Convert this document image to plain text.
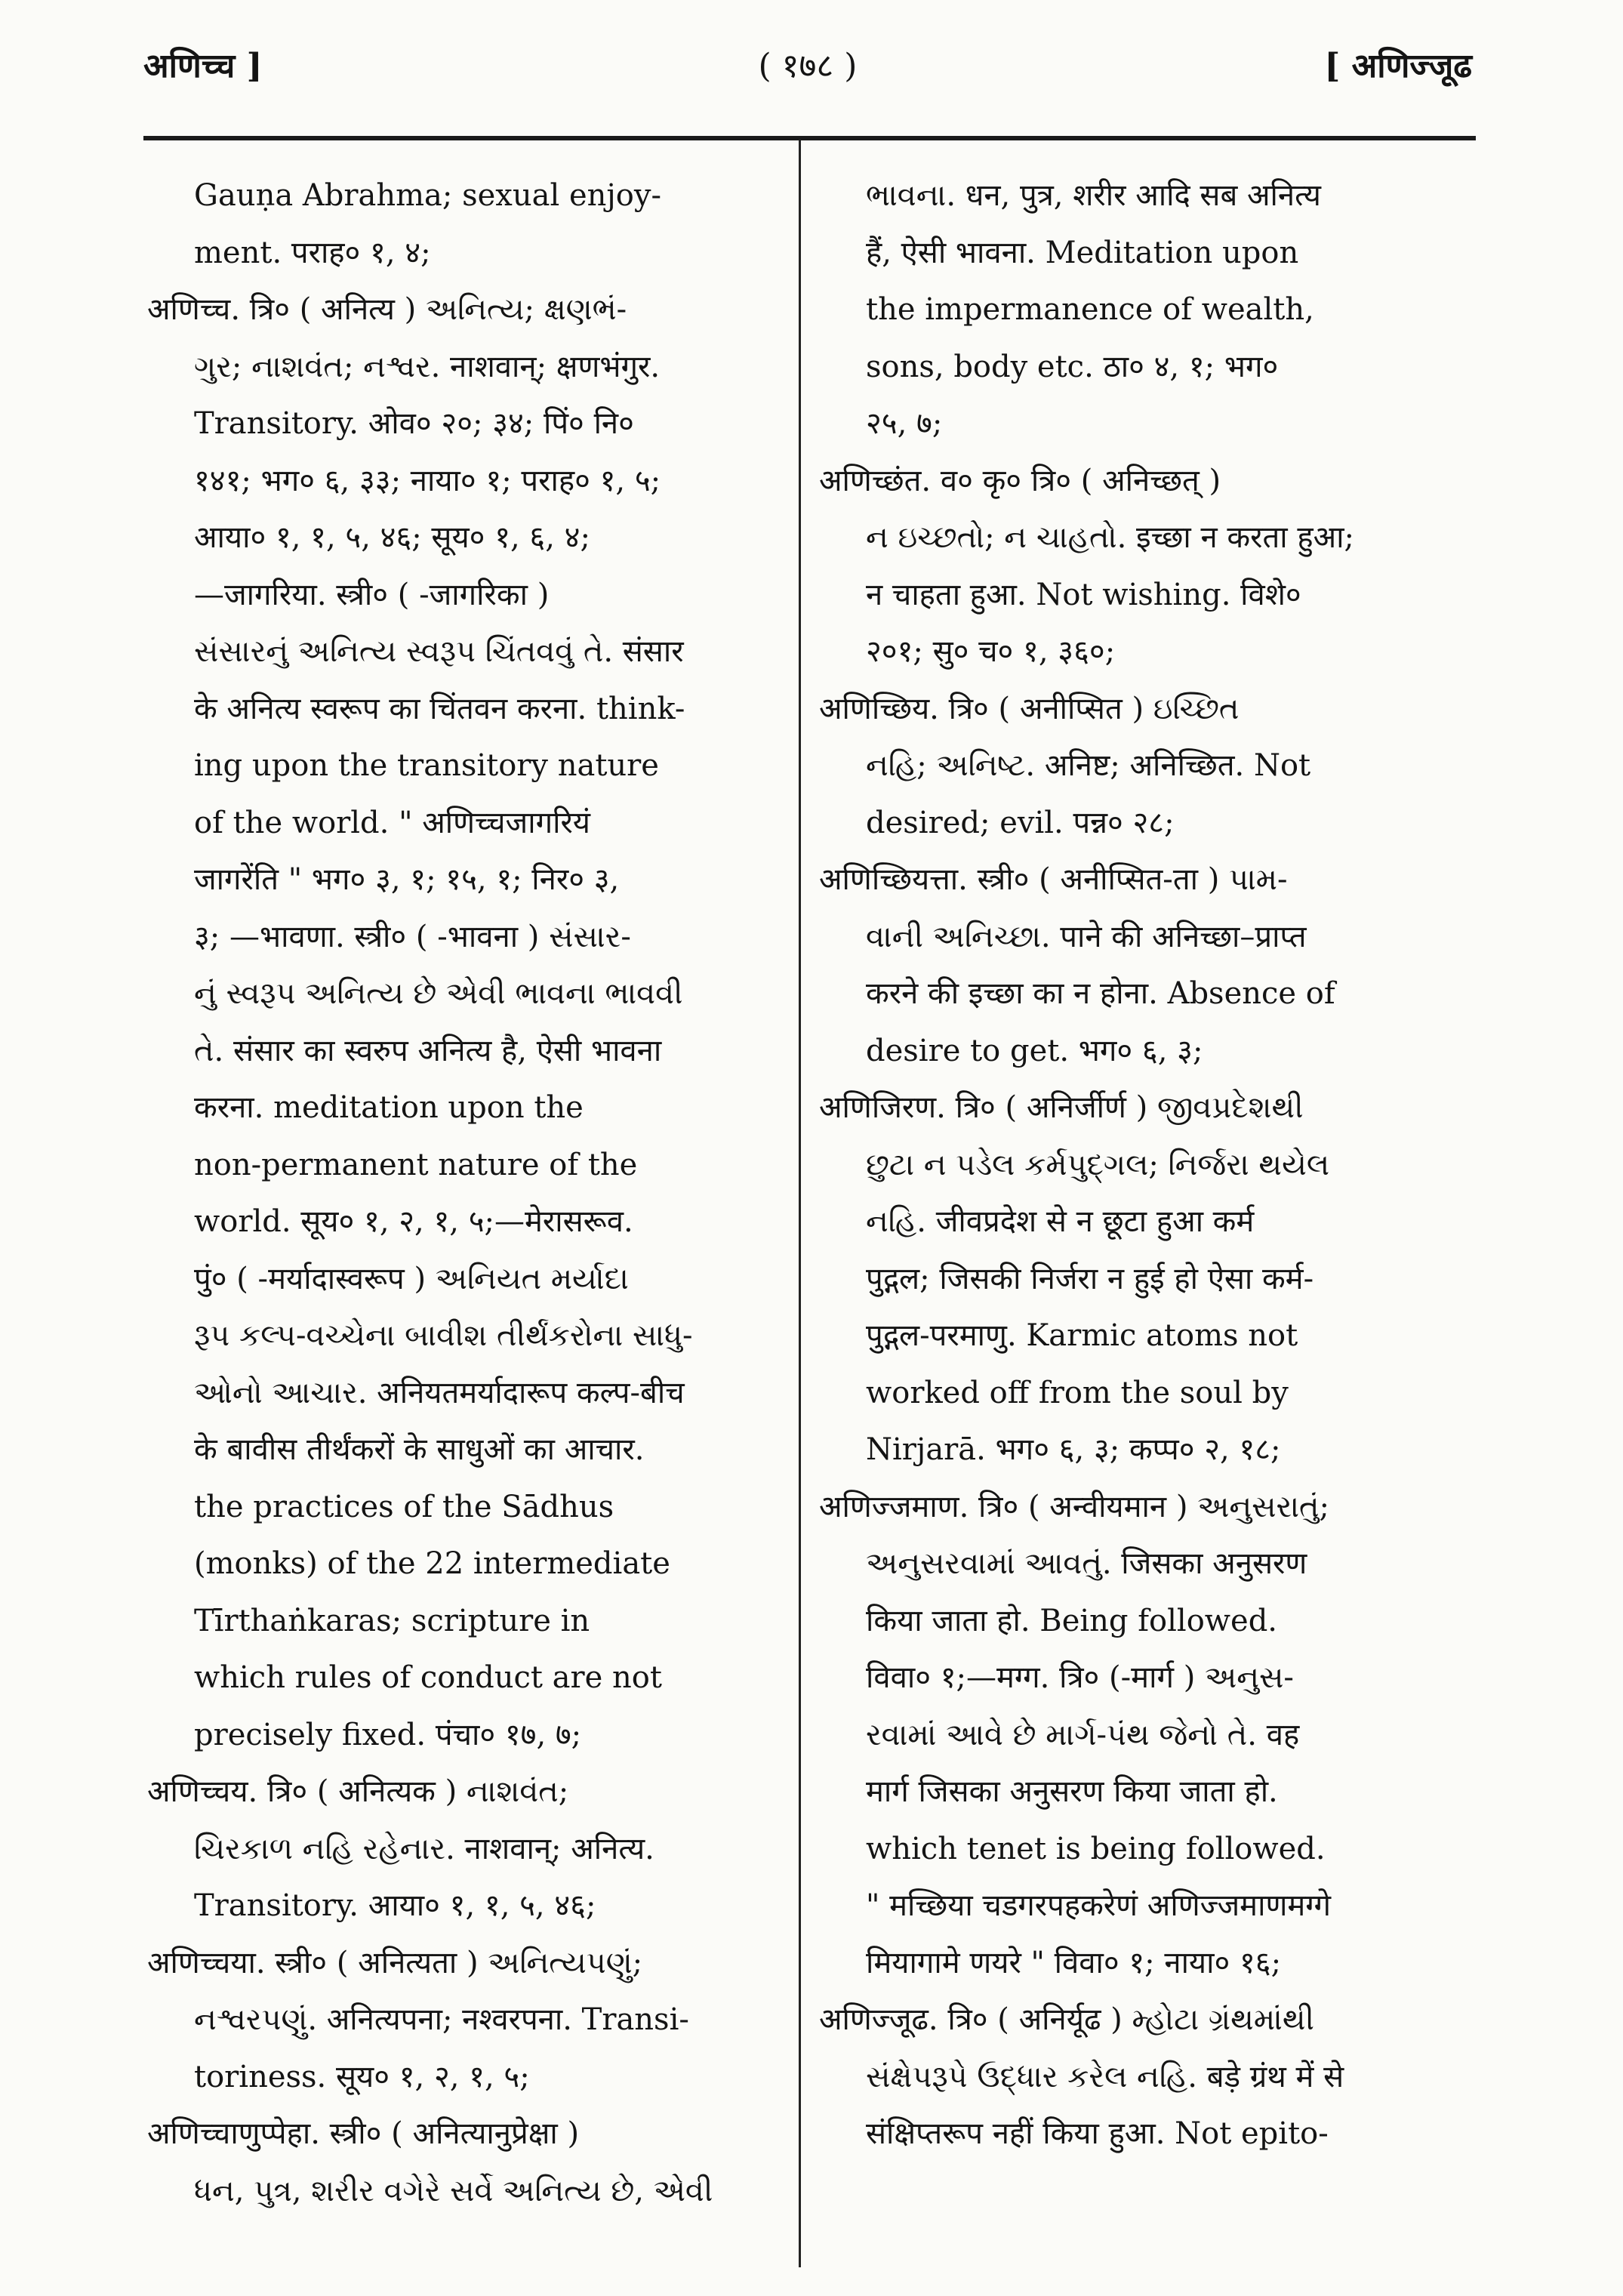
( १७८ )
अणिच्च ]	[ अणिज्जूढ
Gauṇa Abrahma; sexual enjoy-
ment. पराह० १, ४;
अणिच्च. त्रि० ( अनित्य ) અનિત્ય; ક્ષણભં-
ગુર; નાશવંત; નશ્વર. नाशवान्; क्षणभंगुर.
Transitory. ओव० २०; ३४; पिं० नि०
१४१; भग० ६, ३३; नाया० १; पराह० १, ५;
आया० १, १, ५, ४६; सूय० १, ६, ४;
—जागरिया. स्त्री० ( -जागरिका )
સંસારનું અનિત્ય સ્વરૂપ ચિંતવવું તે. संसार
के अनित्य स्वरूप का चिंतवन करना. think-
ing upon the transitory nature
of the world. " अणिच्चजागरियं
जागरेंति " भग० ३, १; १५, १; निर० ३,
३; —भावणा. स्त्री० ( -भावना ) સંસાર-
નું સ્વરૂપ અનિત્ય છે એવી ભાવના ભાવવી
તે. संसार का स्वरुप अनित्य है, ऐसी भावना
करना. meditation upon the
non-permanent nature of the
world. सूय० १, २, १, ५;—मेरासरूव.
पुं० ( -मर्यादास्वरूप ) અનિયત મર્યાદા
રૂપ કલ્પ-વચ્ચેના બાવીશ તીર્થંકરોના સાધુ-
ઓનો આચાર. अनियतमर्यादारूप कल्प-बीच
के बावीस तीर्थंकरों के साधुओं का आचार.
the practices of the Sādhus
(monks) of the 22 intermediate
Tīrthaṅkaras; scripture in
which rules of conduct are not
precisely fixed. पंचा० १७, ७;
अणिच्चय. त्रि० ( अनित्यक ) નાશવંત;
ચિરકાળ નહિ રહેનાર. नाशवान्; अनित्य.
Transitory. आया० १, १, ५, ४६;
अणिच्चया. स्त्री० ( अनित्यता ) અનિત્યપણું;
નશ્વરપણું. अनित्यपना; नश्वरपना. Transi-
toriness. सूय० १, २, १, ५;
अणिच्चाणुप्पेहा. स्त्री० ( अनित्यानुप्रेक्षा )
ધન, પુત્ર, શરીર વગેરે સર્વે અનિત્ય છે, એવી
ભાવના. धन, पुत्र, शरीर आदि सब अनित्य
हैं, ऐसी भावना. Meditation upon
the impermanence of wealth,
sons, body etc. ठा० ४, १; भग०
२५, ७;
अणिच्छंत. व० कृ० त्रि० ( अनिच्छत् )
ન ઇચ્છતો; ન ચાહતો. इच्छा न करता हुआ;
न चाहता हुआ. Not wishing. विशे०
२०१; सु० च० १, ३६०;
अणिच्छिय. त्रि० ( अनीप्सित ) ઇચ્છિત
નહિ; અનિષ્ટ. अनिष्ट; अनिच्छित. Not
desired; evil. पन्न० २८;
अणिच्छियत्ता. स्त्री० ( अनीप्सित-ता ) પામ-
વાની અનિચ્છા. पाने की अनिच्छा–प्राप्त
करने की इच्छा का न होना. Absence of
desire to get. भग० ६, ३;
अणिजिरण. त्रि० ( अनिर्जीर्ण ) જીવપ્રદેશથી
છુટા ન પડેલ કર્મપુદ્‌ગલ; નિર્જરા થયેલ
નહિ. जीवप्रदेश से न छूटा हुआ कर्म
पुद्गल; जिसकी निर्जरा न हुई हो ऐसा कर्म-
पुद्गल-परमाणु. Karmic atoms not
worked off from the soul by
Nirjarā. भग० ६, ३; कप्प० २, १८;
अणिज्जमाण. त्रि० ( अन्वीयमान ) અનુસરાતું;
અનુસરવામાં આવતું. जिसका अनुसरण
किया जाता हो. Being followed.
विवा० १;—मग्ग. त्रि० (-मार्ग ) અનુસ-
રવામાં આવે છે માર્ગ-પંથ જેનો તે. वह
मार्ग जिसका अनुसरण किया जाता हो.
which tenet is being followed.
" मच्छिया चडगरपहकरेणं अणिज्जमाणमग्गे
मियागामे णयरे " विवा० १; नाया० १६;
अणिज्जूढ. त्रि० ( अनिर्यूढ ) મ્હોટા ગ્રંથમાંથી
સંક્ષેપરૂપે ઉદ્ધાર કરેલ નહિ. बड़े ग्रंथ में से
संक्षिप्तरूप नहीं किया हुआ. Not epito-
